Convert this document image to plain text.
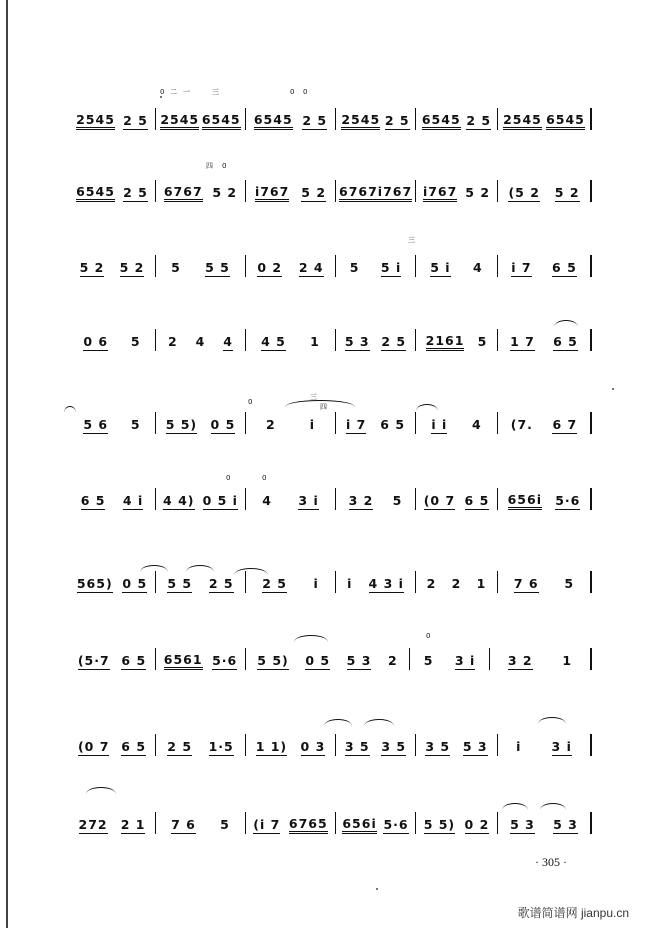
2545 2 5 2545 6545 6545 2 5 2545 2 5 6545 2 5 2545 6545
6545 2 5 6767 5 2 i767 5 2 6767 i767 i767 5 2 (5 2 5 2
5 2 5 2 5 5 5 0 2 2 4 5 5 i 5 i 4 i 7 6 5
0 6 5 2 4 4 4 5 1 5 3 2 5 2161 5 1 7 6 5
5 6 5 5 5) 0 5 2	i i 7 6 5 i i 4 (7. 6 7
6 5 4 i 4 4) 0 5 i 4 3 i 3 2 5 (0 7 6 5 656i 5·6
565) 0 5 5 5 2 5 2 5 i i 4 3 i 2 2 1 7 6 5
(5·7 6 5 6561 5·6 5 5) 0 5 5 3 2 5 3 i	3 2 1
(0 7 6 5 2 5 1·5 1 1) 0 3 3 5 3 5 3 5 5 3 i 3 i
272 2 1 7 6 5 (i 7 6765 656i 5·6 5 5) 0 2 5 3 5 3
· 305 ·
歌谱简谱网 jianpu.cn
0 二 一	三
四 0
0 0
三
0
三
四
0	0
0
